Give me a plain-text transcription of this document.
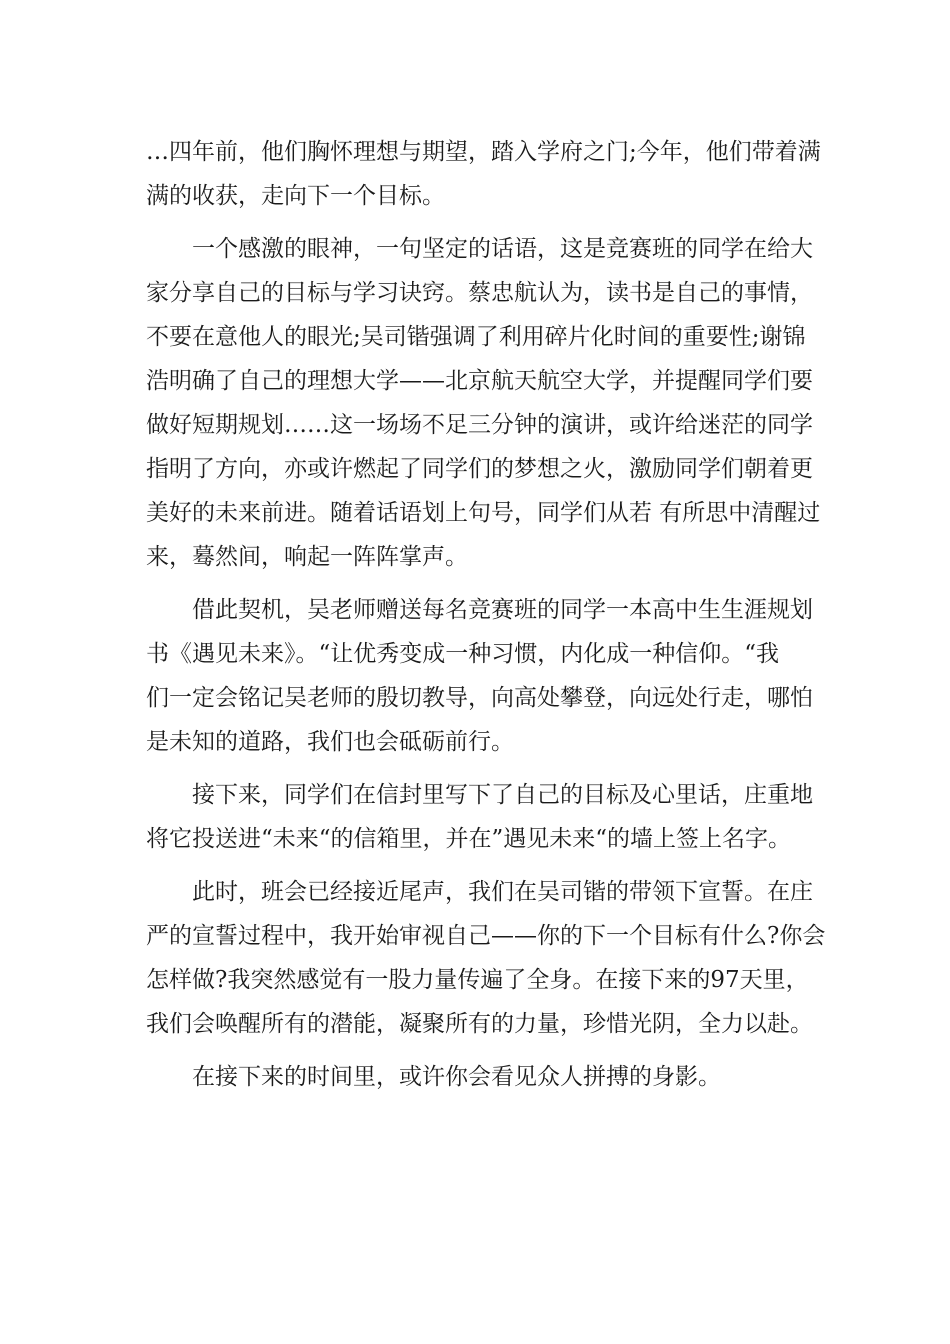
…四年前，他们胸怀理想与期望，踏入学府之门;今年，他们带着满
满的收获，走向下一个目标。
　　一个感激的眼神，一句坚定的话语，这是竞赛班的同学在给大
家分享自己的目标与学习诀窍。蔡忠航认为，读书是自己的事情，
不要在意他人的眼光;吴司锴强调了利用碎片化时间的重要性;谢锦
浩明确了自己的理想大学——北京航天航空大学，并提醒同学们要
做好短期规划……这一场场不足三分钟的演讲，或许给迷茫的同学
指明了方向，亦或许燃起了同学们的梦想之火，激励同学们朝着更
美好的未来前进。随着话语划上句号，同学们从若 有所思中清醒过
来，蓦然间，响起一阵阵掌声。
　　借此契机，吴老师赠送每名竞赛班的同学一本高中生生涯规划
书《遇见未来》。“让优秀变成一种习惯，内化成一种信仰。“我
们一定会铭记吴老师的殷切教导，向高处攀登，向远处行走，哪怕
是未知的道路，我们也会砥砺前行。
　　接下来，同学们在信封里写下了自己的目标及心里话，庄重地
将它投送进“未来“的信箱里，并在”遇见未来“的墙上签上名字。
　　此时，班会已经接近尾声，我们在吴司锴的带领下宣誓。在庄
严的宣誓过程中，我开始审视自己——你的下一个目标有什么?你会
怎样做?我突然感觉有一股力量传遍了全身。在接下来的97天里，
我们会唤醒所有的潜能，凝聚所有的力量，珍惜光阴，全力以赴。
　　在接下来的时间里，或许你会看见众人拼搏的身影。
